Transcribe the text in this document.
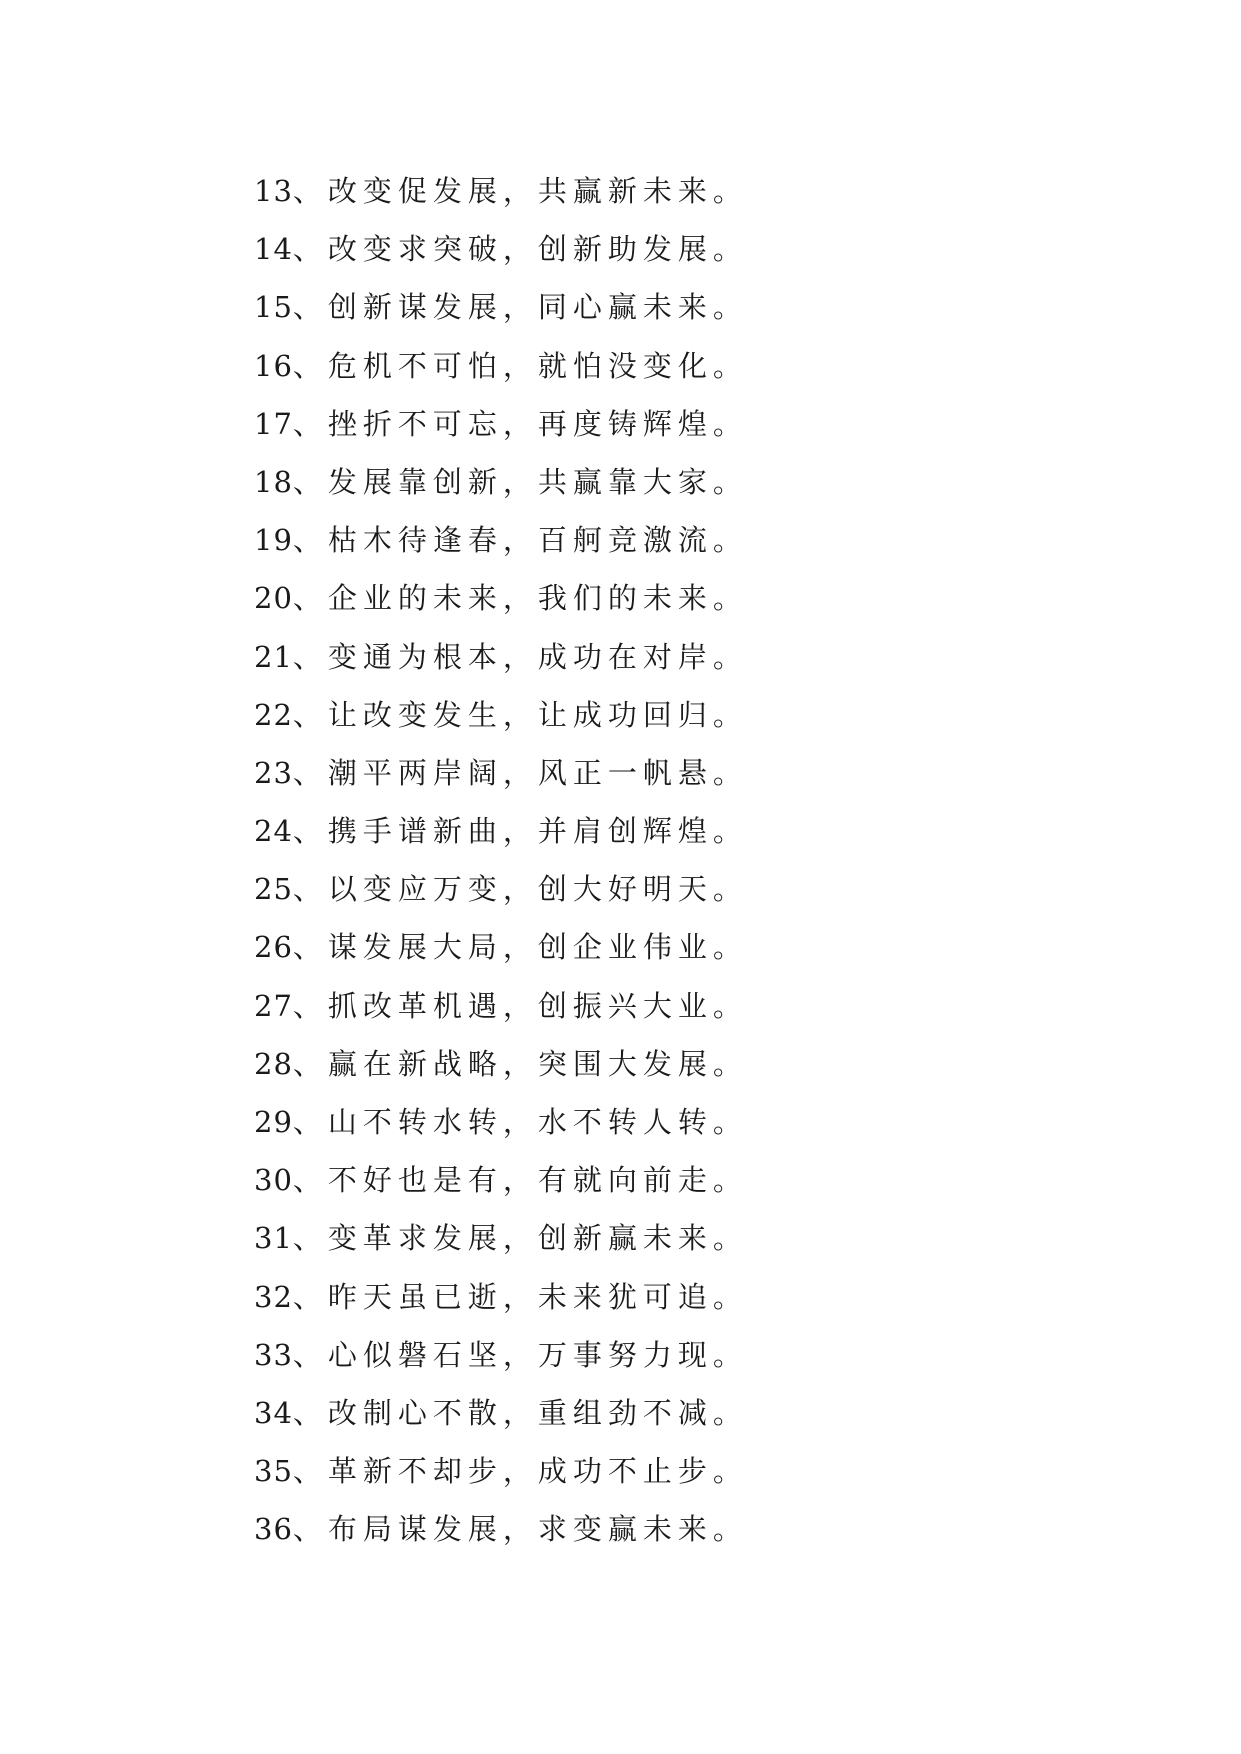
13、改变促发展，共赢新未来。
14、改变求突破，创新助发展。
15、创新谋发展，同心赢未来。
16、危机不可怕，就怕没变化。
17、挫折不可忘，再度铸辉煌。
18、发展靠创新，共赢靠大家。
19、枯木待逢春，百舸竞激流。
20、企业的未来，我们的未来。
21、变通为根本，成功在对岸。
22、让改变发生，让成功回归。
23、潮平两岸阔，风正一帆悬。
24、携手谱新曲，并肩创辉煌。
25、以变应万变，创大好明天。
26、谋发展大局，创企业伟业。
27、抓改革机遇，创振兴大业。
28、赢在新战略，突围大发展。
29、山不转水转，水不转人转。
30、不好也是有，有就向前走。
31、变革求发展，创新赢未来。
32、昨天虽已逝，未来犹可追。
33、心似磐石坚，万事努力现。
34、改制心不散，重组劲不减。
35、革新不却步，成功不止步。
36、布局谋发展，求变赢未来。
